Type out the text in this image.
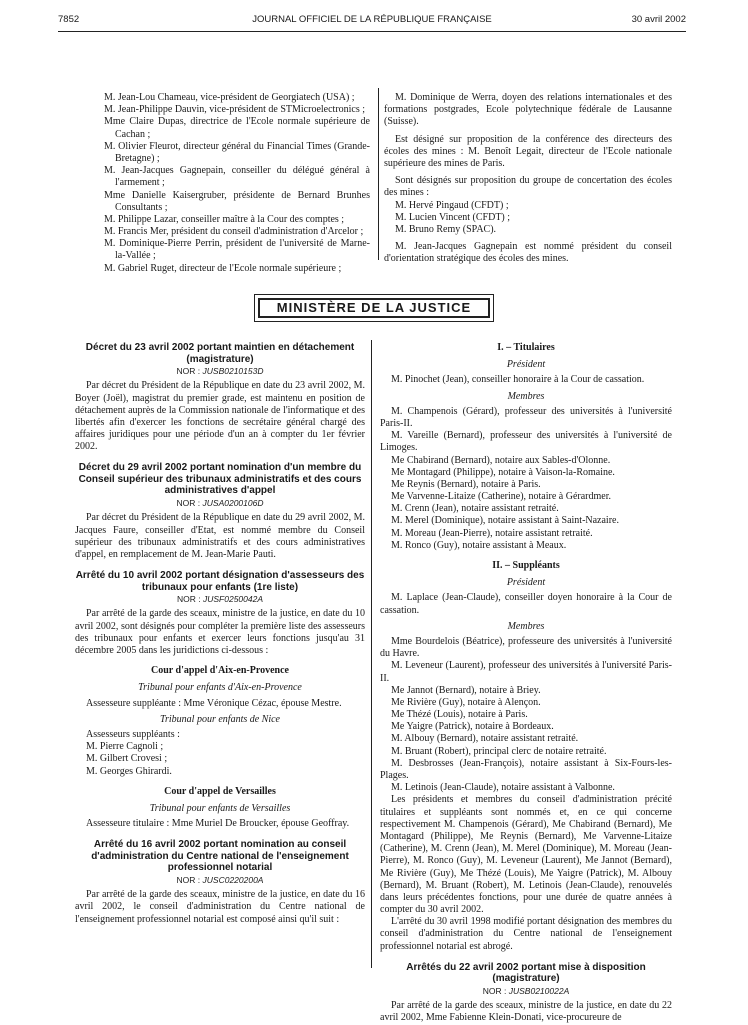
7852	JOURNAL OFFICIEL DE LA RÉPUBLIQUE FRANÇAISE	30 avril 2002

M. Jean-Lou Chameau, vice-président de Georgiatech (USA) ;

M. Jean-Philippe Dauvin, vice-président de STMicroelectronics ;

Mme Claire Dupas, directrice de l'Ecole normale supérieure de Cachan ;

M. Olivier Fleurot, directeur général du Financial Times (Grande-Bretagne) ;

M. Jean-Jacques Gagnepain, conseiller du délégué général à l'armement ;

Mme Danielle Kaisergruber, présidente de Bernard Brunhes Consultants ;

M. Philippe Lazar, conseiller maître à la Cour des comptes ;

M. Francis Mer, président du conseil d'administration d'Arcelor ;

M. Dominique-Pierre Perrin, président de l'université de Marne-la-Vallée ;

M. Gabriel Ruget, directeur de l'Ecole normale supérieure ;

M. Dominique de Werra, doyen des relations internationales et des formations postgrades, Ecole polytechnique fédérale de Lausanne (Suisse).

Est désigné sur proposition de la conférence des directeurs des écoles des mines : M. Benoît Legait, directeur de l'Ecole nationale supérieure des mines de Paris.

Sont désignés sur proposition du groupe de concertation des écoles des mines :

M. Hervé Pingaud (CFDT) ;

M. Lucien Vincent (CFDT) ;

M. Bruno Remy (SPAC).

M. Jean-Jacques Gagnepain est nommé président du conseil d'orientation stratégique des écoles des mines.

MINISTÈRE DE LA JUSTICE

Décret du 23 avril 2002 portant maintien en détachement (magistrature)

NOR : JUSB0210153D

Par décret du Président de la République en date du 23 avril 2002, M. Boyer (Joël), magistrat du premier grade, est maintenu en position de détachement auprès de la Commission nationale de l'informatique et des libertés afin d'exercer les fonctions de secrétaire général chargé des affaires juridiques pour une période d'un an à compter du 1er février 2002.

Décret du 29 avril 2002 portant nomination d'un membre du Conseil supérieur des tribunaux administratifs et des cours administratives d'appel

NOR : JUSA0200106D

Par décret du Président de la République en date du 29 avril 2002, M. Jacques Faure, conseiller d'Etat, est nommé membre du Conseil supérieur des tribunaux administratifs et des cours administratives d'appel, en remplacement de M. Jean-Marie Pauti.

Arrêté du 10 avril 2002 portant désignation d'assesseurs des tribunaux pour enfants (1re liste)

NOR : JUSF0250042A

Par arrêté de la garde des sceaux, ministre de la justice, en date du 10 avril 2002, sont désignés pour compléter la première liste des assesseurs des tribunaux pour enfants et exercer leurs fonctions jusqu'au 31 décembre 2005 dans les juridictions ci-dessous :

Cour d'appel d'Aix-en-Provence

Tribunal pour enfants d'Aix-en-Provence

Assesseure suppléante : Mme Véronique Cézac, épouse Mestre.

Tribunal pour enfants de Nice

Assesseurs suppléants :

M. Pierre Cagnoli ;

M. Gilbert Crovesi ;

M. Georges Ghirardi.

Cour d'appel de Versailles

Tribunal pour enfants de Versailles

Assesseure titulaire : Mme Muriel De Broucker, épouse Geoffray.

Arrêté du 16 avril 2002 portant nomination au conseil d'administration du Centre national de l'enseignement professionnel notarial

NOR : JUSC0220200A

Par arrêté de la garde des sceaux, ministre de la justice, en date du 16 avril 2002, le conseil d'administration du Centre national de l'enseignement professionnel notarial est composé ainsi qu'il suit :

I. – Titulaires

Président

M. Pinochet (Jean), conseiller honoraire à la Cour de cassation.

Membres

M. Champenois (Gérard), professeur des universités à l'université Paris-II.

M. Vareille (Bernard), professeur des universités à l'université de Limoges.

Me Chabirand (Bernard), notaire aux Sables-d'Olonne.

Me Montagard (Philippe), notaire à Vaison-la-Romaine.

Me Reynis (Bernard), notaire à Paris.

Me Varvenne-Litaize (Catherine), notaire à Gérardmer.

M. Crenn (Jean), notaire assistant retraité.

M. Merel (Dominique), notaire assistant à Saint-Nazaire.

M. Moreau (Jean-Pierre), notaire assistant retraité.

M. Ronco (Guy), notaire assistant à Meaux.

II. – Suppléants

Président

M. Laplace (Jean-Claude), conseiller doyen honoraire à la Cour de cassation.

Membres

Mme Bourdelois (Béatrice), professeure des universités à l'université du Havre.

M. Leveneur (Laurent), professeur des universités à l'université Paris-II.

Me Jannot (Bernard), notaire à Briey.

Me Rivière (Guy), notaire à Alençon.

Me Thézé (Louis), notaire à Paris.

Me Yaigre (Patrick), notaire à Bordeaux.

M. Albouy (Bernard), notaire assistant retraité.

M. Bruant (Robert), principal clerc de notaire retraité.

M. Desbrosses (Jean-François), notaire assistant à Six-Fours-les-Plages.

M. Letinois (Jean-Claude), notaire assistant à Valbonne.

Les présidents et membres du conseil d'administration précité titulaires et suppléants sont nommés et, en ce qui concerne respectivement M. Champenois (Gérard), Me Chabirand (Bernard), Me Montagard (Philippe), Me Reynis (Bernard), Me Varvenne-Litaize (Catherine), M. Crenn (Jean), M. Merel (Dominique), M. Moreau (Jean-Pierre), M. Ronco (Guy), M. Leveneur (Laurent), Me Jannot (Bernard), Me Rivière (Guy), Me Thézé (Louis), Me Yaigre (Patrick), M. Albouy (Bernard), M. Bruant (Robert), M. Letinois (Jean-Claude), renouvelés dans leurs précédentes fonctions, pour une durée de quatre années à compter du 30 avril 2002.

L'arrêté du 30 avril 1998 modifié portant désignation des membres du conseil d'administration du Centre national de l'enseignement professionnel notarial est abrogé.

Arrêtés du 22 avril 2002 portant mise à disposition (magistrature)

NOR : JUSB0210022A

Par arrêté de la garde des sceaux, ministre de la justice, en date du 22 avril 2002, Mme Fabienne Klein-Donati, vice-procureure de
